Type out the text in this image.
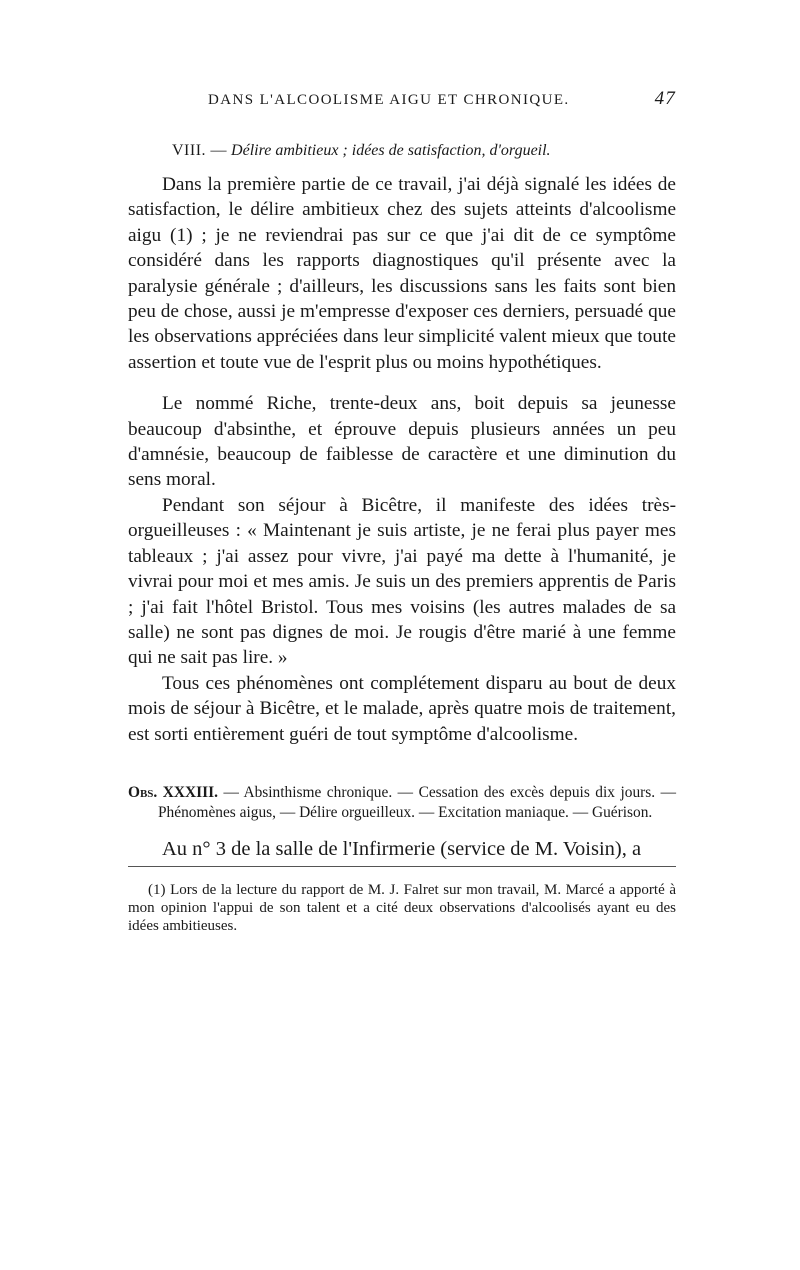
DANS L'ALCOOLISME AIGU ET CHRONIQUE.	47
VIII. — Délire ambitieux ; idées de satisfaction, d'orgueil.

Dans la première partie de ce travail, j'ai déjà signalé les idées de satisfaction, le délire ambitieux chez des sujets atteints d'alcoolisme aigu (1) ; je ne reviendrai pas sur ce que j'ai dit de ce symptôme considéré dans les rapports diagnostiques qu'il présente avec la paralysie générale ; d'ailleurs, les discussions sans les faits sont bien peu de chose, aussi je m'empresse d'exposer ces derniers, persuadé que les observations appréciées dans leur simplicité valent mieux que toute assertion et toute vue de l'esprit plus ou moins hypothétiques.

Le nommé Riche, trente-deux ans, boit depuis sa jeunesse beaucoup d'absinthe, et éprouve depuis plusieurs années un peu d'amnésie, beaucoup de faiblesse de caractère et une diminution du sens moral.

Pendant son séjour à Bicêtre, il manifeste des idées très-orgueilleuses : « Maintenant je suis artiste, je ne ferai plus payer mes tableaux ; j'ai assez pour vivre, j'ai payé ma dette à l'humanité, je vivrai pour moi et mes amis. Je suis un des premiers apprentis de Paris ; j'ai fait l'hôtel Bristol. Tous mes voisins (les autres malades de sa salle) ne sont pas dignes de moi. Je rougis d'être marié à une femme qui ne sait pas lire. »

Tous ces phénomènes ont complétement disparu au bout de deux mois de séjour à Bicêtre, et le malade, après quatre mois de traitement, est sorti entièrement guéri de tout symptôme d'alcoolisme.

Obs. XXXIII. — Absinthisme chronique. — Cessation des excès depuis dix jours. — Phénomènes aigus, — Délire orgueilleux. — Excitation maniaque. — Guérison.

Au n° 3 de la salle de l'Infirmerie (service de M. Voisin), a

(1) Lors de la lecture du rapport de M. J. Falret sur mon travail, M. Marcé a apporté à mon opinion l'appui de son talent et a cité deux observations d'alcoolisés ayant eu des idées ambitieuses.
